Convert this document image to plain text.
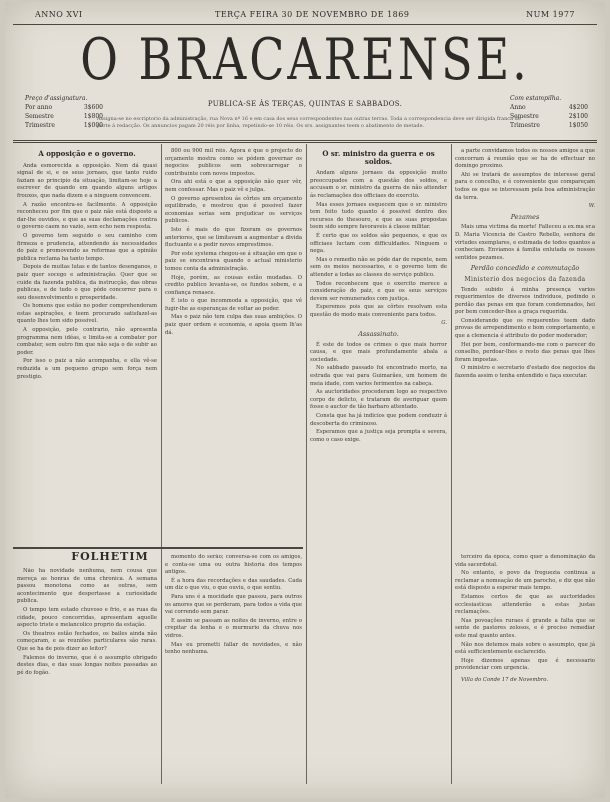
ANNO XVI	TERÇA FEIRA 30 DE NOVEMBRO DE 1869	NUM 1977
O BRACARENSE.
Preço d'assignatura.
Por anno	3$600
Semestre	1$800
Trimestre	1$000
PUBLICA-SE ÀS TERÇAS, QUINTAS E SABBADOS.
Com estampilha.
Anno	4$200
Semestre	2$100
Trimestre	1$050
Assigna-se no escriptorio da administração, rua Nova nº 16 e em casa dos seus correspondentes nas outras terras. Toda a correspondencia deve ser dirigida franca de porte á redacção. Os annuncios pagam 20 réis por linha, repetindo-se 10 réis. Os srs. assignantes teem o abatimento de metade.

A opposição e o governo.

Anda esmorecida a opposição. Nem dá quasi signal de si, e os seus jornaes, que tanto ruido faziam ao principio da situação, limitam-se hoje a escrever de quando em quando alguns artigos frouxos, que nada dizem e a ninguem convencem.

A razão encontra-se facilmente. A opposição reconheceu por fim que o paiz não está disposto a dar-lhe ouvidos, e que as suas declamações contra o governo caem no vazio, sem echo nem resposta.

O governo tem seguido o seu caminho com firmeza e prudencia, attendendo ás necessidades do paiz e promovendo as reformas que a opinião publica reclama ha tanto tempo.

Depois de muitas lutas e de tantos desenganos, o paiz quer socego e administração. Quer que se cuide da fazenda publica, da instrucção, das obras publicas, e de tudo o que póde concorrer para o seu desenvolvimento e prosperidade.

Os homens que estão no poder comprehenderam estas aspirações, e teem procurado satisfazel-as quanto lhes tem sido possivel.

A opposição, pelo contrario, não apresenta programma nem idéas, e limita-se a combater por combater, sem outro fim que não seja o de subir ao poder.

Por isso o paiz a não acompanha, e ella vê-se reduzida a um pequeno grupo sem força nem prestigio.

800 ou 900 mil réis. Agora é que o projecto do orçamento mostra como se pódem governar os negocios publicos sem sobrecarregar o contribuinte com novos impostos.

Ora ahi está o que a opposição não quer vêr, nem confessar. Mas o paiz vê e julga.

O governo apresentou ás côrtes um orçamento equilibrado, e mostrou que é possivel fazer economias serias sem prejudicar os serviços publicos.

Isto é mais do que fizeram os governos anteriores, que se limitavam a augmentar a divida fluctuante e a pedir novos emprestimos.

Por este systema chegou-se á situação em que o paiz se encontrava quando o actual ministerio tomou conta da administração.

Hoje, porém, as cousas estão mudadas. O credito publico levanta-se, os fundos sobem, e a confiança renasce.

É isto o que incommoda a opposição, que vê fugir-lhe as esperanças de voltar ao poder.

Mas o paiz não tem culpa das suas ambições. O paiz quer ordem e economia, e apoia quem lh'as dá.

O sr. ministro da guerra e os soldos.

Andam alguns jornaes da opposição muito preoccupados com a questão dos soldos, e accusam o sr. ministro da guerra de não attender ás reclamações dos officiaes do exercito.

Mas esses jornaes esquecem que o sr. ministro tem feito tudo quanto é possivel dentro dos recursos do thesouro, e que as suas propostas teem sido sempre favoraveis á classe militar.

É certo que os soldos são pequenos, e que os officiaes luctam com difficuldades. Ninguem o nega.

Mas o remedio não se póde dar de repente, nem sem os meios necessarios, e o governo tem de attender a todas as classes do serviço publico.

Todos reconhecem que o exercito merece a consideração do paiz, e que os seus serviços devem ser remunerados com justiça.

Esperemos pois que as côrtes resolvam esta questão do modo mais conveniente para todos.

G.

Assassinato.

É este de todos os crimes o que mais horror causa, e que mais profundamente abala a sociedade.

No sabbado passado foi encontrado morto, na estrada que vai para Guimarães, um homem de meia idade, com varios ferimentos na cabeça.

As auctoridades procederam logo ao respectivo corpo de delicto, e trataram de averiguar quem fosse o auctor de tão barbaro attentado.

Consta que ha já indicios que podem conduzir á descoberta do criminoso.

Esperamos que a justiça seja prompta e severa, como o caso exige.

a parte convidamos todos os nossos amigos a que concorram á reunião que se ha de effectuar no domingo proximo.

Ahi se tratará de assumptos de interesse geral para o concelho, e é conveniente que compareçam todos os que se interessam pela boa administração da terra.

W.

Pezames

Mais uma victima da morte! Falleceu a ex.ma sr.a D. Maria Vicencia de Castro Rebello, senhora de virtudes exemplares, e estimada de todos quantos a conheciam. Enviamos á familia enlutada os nossos sentidos pezames.

Perdão concedido e commutação

Ministerio dos negocios da fazenda

Tendo subido á minha presença varios requerimentos de diversos individuos, pedindo o perdão das penas em que foram condemnados, hei por bem conceder-lhes a graça requerida.

Considerando que os requerentes teem dado provas de arrependimento e bom comportamento, e que a clemencia é attributo do poder moderador;

Hei por bem, conformando-me com o parecer do conselho, perdoar-lhes o resto das penas que lhes foram impostas.

O ministro e secretario d'estado dos negocios da fazenda assim o tenha entendido e faça executar.

FOLHETIM

Não ha novidade nenhuma, nem cousa que mereça as honras de uma chronica. A semana passou monotona como as outras, sem acontecimento que despertasse a curiosidade publica.

O tempo tem estado chuvoso e frio, e as ruas da cidade, pouco concorridas, apresentam aquelle aspecto triste e melancolico proprio da estação.

Os theatros estão fechados, os bailes ainda não começaram, e as reuniões particulares são raras. Que se ha de pois dizer ao leitor?

Falemos do inverno, que é o assumpto obrigado destes dias, e das suas longas noites passadas ao pé do fogão.

momento do serão; conversa-se com os amigos, e conta-se uma ou outra historia dos tempos antigos.

É a hora das recordações e das saudades. Cada um diz o que viu, o que ouviu, o que sentiu.

Para uns é a mocidade que passou, para outros os amores que se perderam, para todos a vida que vai correndo sem parar.

E assim se passam as noites de inverno, entre o crepitar da lenha e o murmurio da chuva nos vidros.

Mas eu prometti fallar de novidades, e não tenho nenhuma.

terceiro da época, como quer a denominação da vida sacerdotal.

No entanto, o povo da freguezia continua a reclamar a nomeação de um parocho, e diz que não está disposto a esperar mais tempo.

Estamos certos de que as auctoridades ecclesiasticas attenderão a estas justas reclamações.

Nas povoações ruraes é grande a falta que se sente de pastores zelosos, e é preciso remediar este mal quanto antes.

Não nos detemos mais sobre o assumpto, que já está sufficientemente esclarecido.

Hoje dizemos apenas que é necessario providenciar com urgencia.

Villa do Conde 17 de Novembro.
